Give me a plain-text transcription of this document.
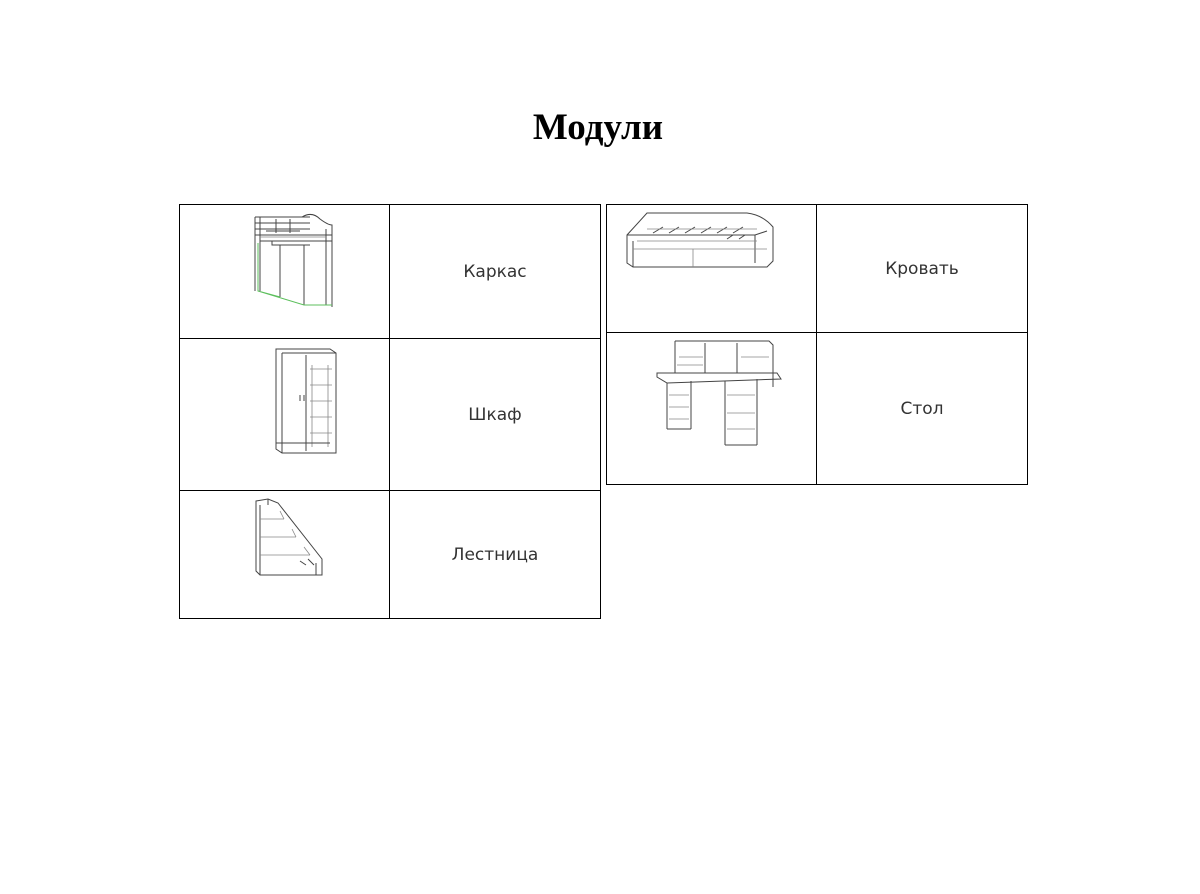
Модули
	Каркас

	Шкаф

	Лестница
	Кровать

	Стол
